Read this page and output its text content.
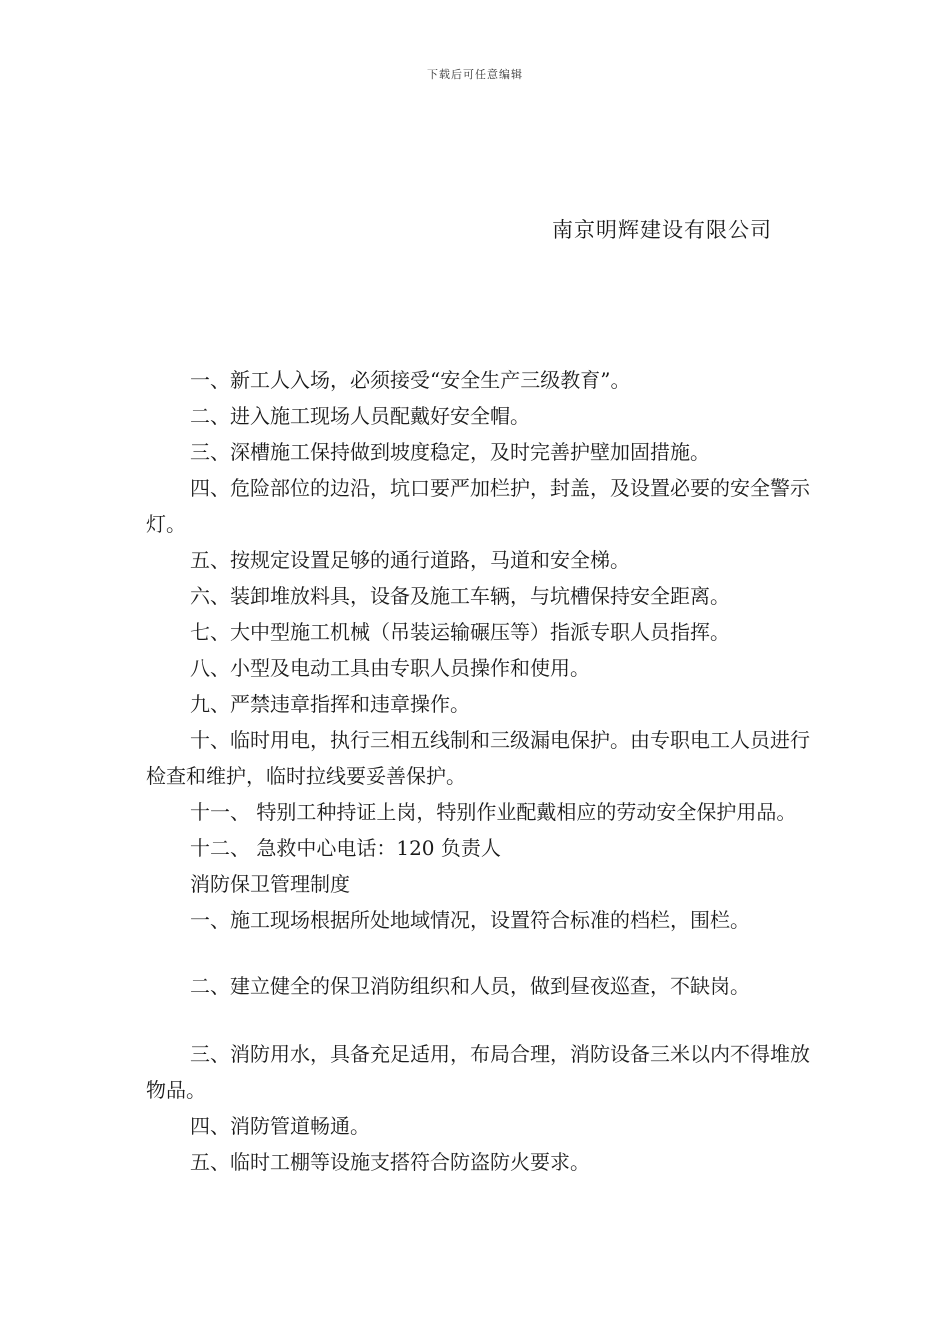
下载后可任意编辑
南京明辉建设有限公司

一、新工人入场，必须接受“安全生产三级教育”。

二、进入施工现场人员配戴好安全帽。

三、深槽施工保持做到坡度稳定，及时完善护壁加固措施。

四、危险部位的边沿，坑口要严加栏护，封盖，及设置必要的安全警示灯。

五、按规定设置足够的通行道路，马道和安全梯。

六、装卸堆放料具，设备及施工车辆，与坑槽保持安全距离。

七、大中型施工机械（吊装运输碾压等）指派专职人员指挥。

八、小型及电动工具由专职人员操作和使用。

九、严禁违章指挥和违章操作。

十、临时用电，执行三相五线制和三级漏电保护。由专职电工人员进行检查和维护，临时拉线要妥善保护。

十一、 特别工种持证上岗，特别作业配戴相应的劳动安全保护用品。

十二、 急救中心电话：120 负责人

消防保卫管理制度

一、施工现场根据所处地域情况，设置符合标准的档栏，围栏。

二、建立健全的保卫消防组织和人员，做到昼夜巡查，不缺岗。

三、消防用水，具备充足适用，布局合理，消防设备三米以内不得堆放物品。

四、消防管道畅通。

五、临时工棚等设施支搭符合防盗防火要求。
